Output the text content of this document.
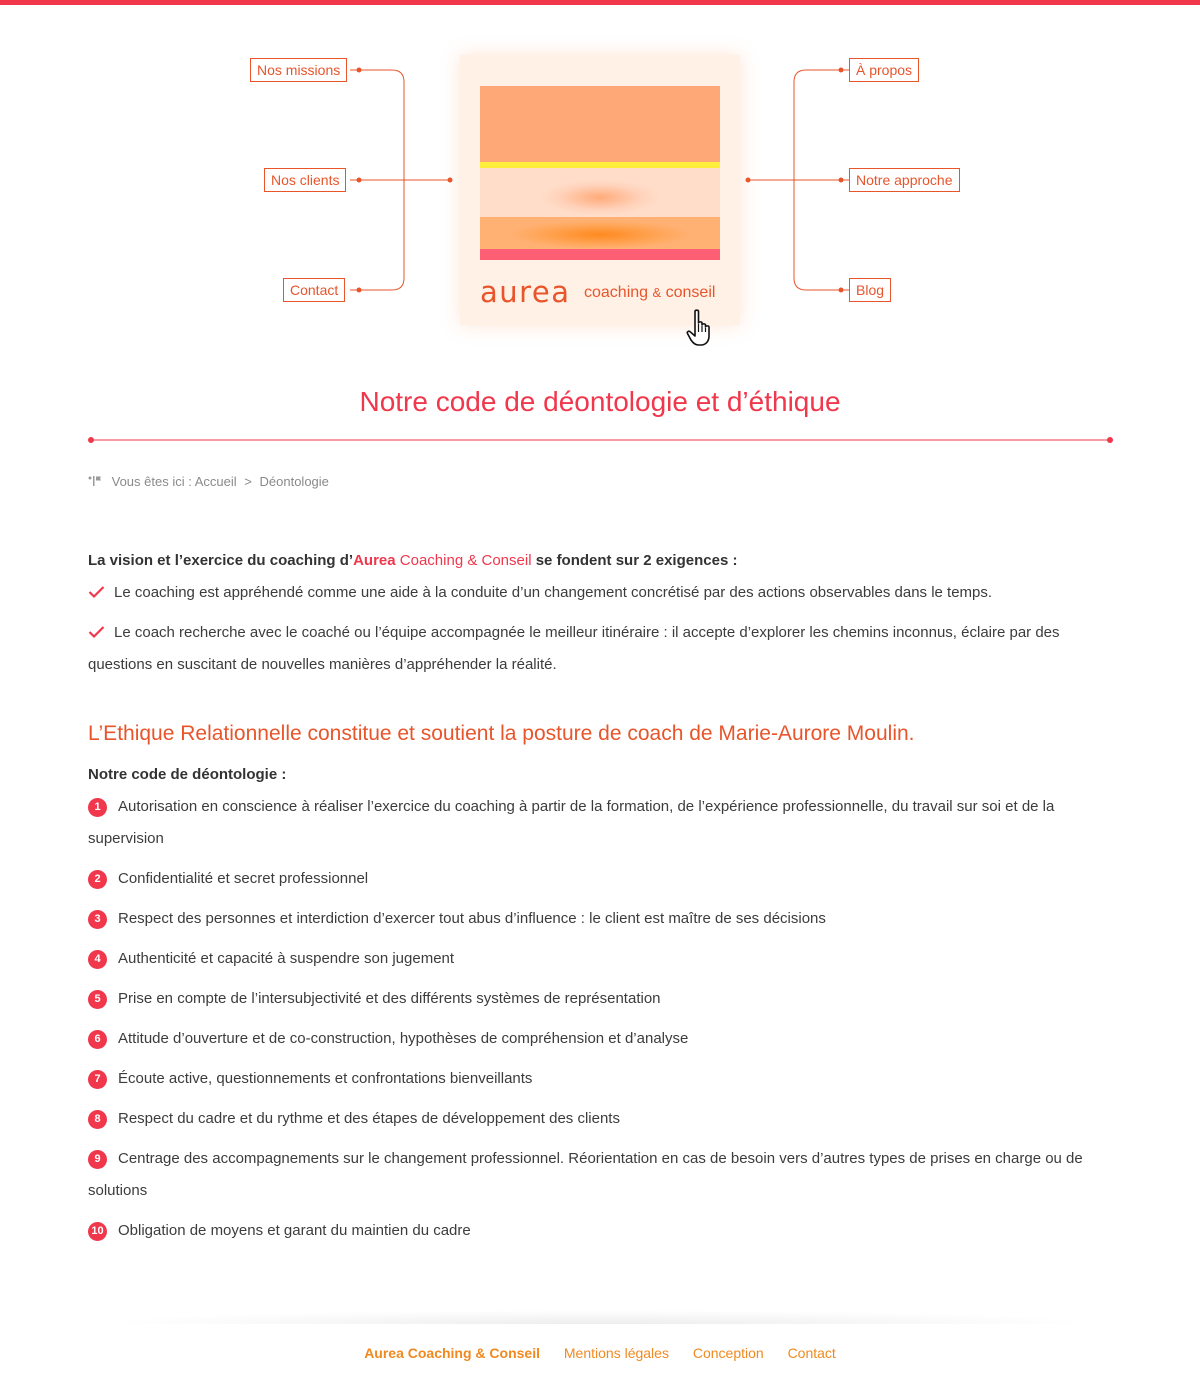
Nos missions
Nos clients
Contact
À propos
Notre approche
Blog
aurea coaching & conseil
Notre code de déontologie et d’éthique
Vous êtes ici : Accueil > Déontologie
La vision et l’exercice du coaching d’Aurea Coaching & Conseil se fondent sur 2 exigences :
Le coaching est appréhendé comme une aide à la conduite d’un changement concrétisé par des actions observables dans le temps.
Le coach recherche avec le coaché ou l’équipe accompagnée le meilleur itinéraire : il accepte d’explorer les chemins inconnus, éclaire par des questions en suscitant de nouvelles manières d’appréhender la réalité.
L’Ethique Relationnelle constitue et soutient la posture de coach de Marie-Aurore Moulin.
Notre code de déontologie :
1 Autorisation en conscience à réaliser l’exercice du coaching à partir de la formation, de l’expérience professionnelle, du travail sur soi et de la supervision
2 Confidentialité et secret professionnel
3 Respect des personnes et interdiction d’exercer tout abus d’influence : le client est maître de ses décisions
4 Authenticité et capacité à suspendre son jugement
5 Prise en compte de l’intersubjectivité et des différents systèmes de représentation
6 Attitude d’ouverture et de co-construction, hypothèses de compréhension et d’analyse
7 Écoute active, questionnements et confrontations bienveillants
8 Respect du cadre et du rythme et des étapes de développement des clients
9 Centrage des accompagnements sur le changement professionnel. Réorientation en cas de besoin vers d’autres types de prises en charge ou de solutions
10 Obligation de moyens et garant du maintien du cadre
Aurea Coaching & Conseil Mentions légales Conception Contact
